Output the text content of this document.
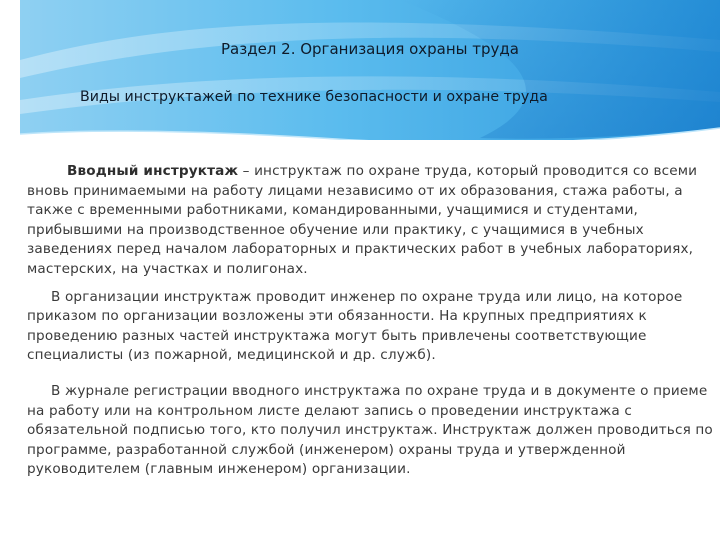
Раздел 2. Организация охраны труда
Виды инструктажей по технике безопасности и охране труда

Вводный инструктаж – инструктаж по охране труда, который проводится со всеми вновь принимаемыми на работу лицами независимо от их образования, стажа работы, а также с временными работниками, командированными, учащимися и студентами, прибывшими на производственное обучение или практику, с учащимися в учебных заведениях перед началом лабораторных и практических работ в учебных лабораториях, мастерских, на участках и полигонах.

В организации инструктаж проводит инженер по охране труда или лицо, на которое приказом по организации возложены эти обязанности. На крупных предприятиях к проведению разных частей инструктажа могут быть привлечены соответствующие специалисты (из пожарной, медицинской и др. служб).

В журнале регистрации вводного инструктажа по охране труда и в документе о приеме на работу или на контрольном листе делают запись о проведении инструктажа с обязательной подписью того, кто получил инструктаж. Инструктаж должен проводиться по программе, разработанной службой (инженером) охраны труда и утвержденной руководителем (главным инженером) организации.
